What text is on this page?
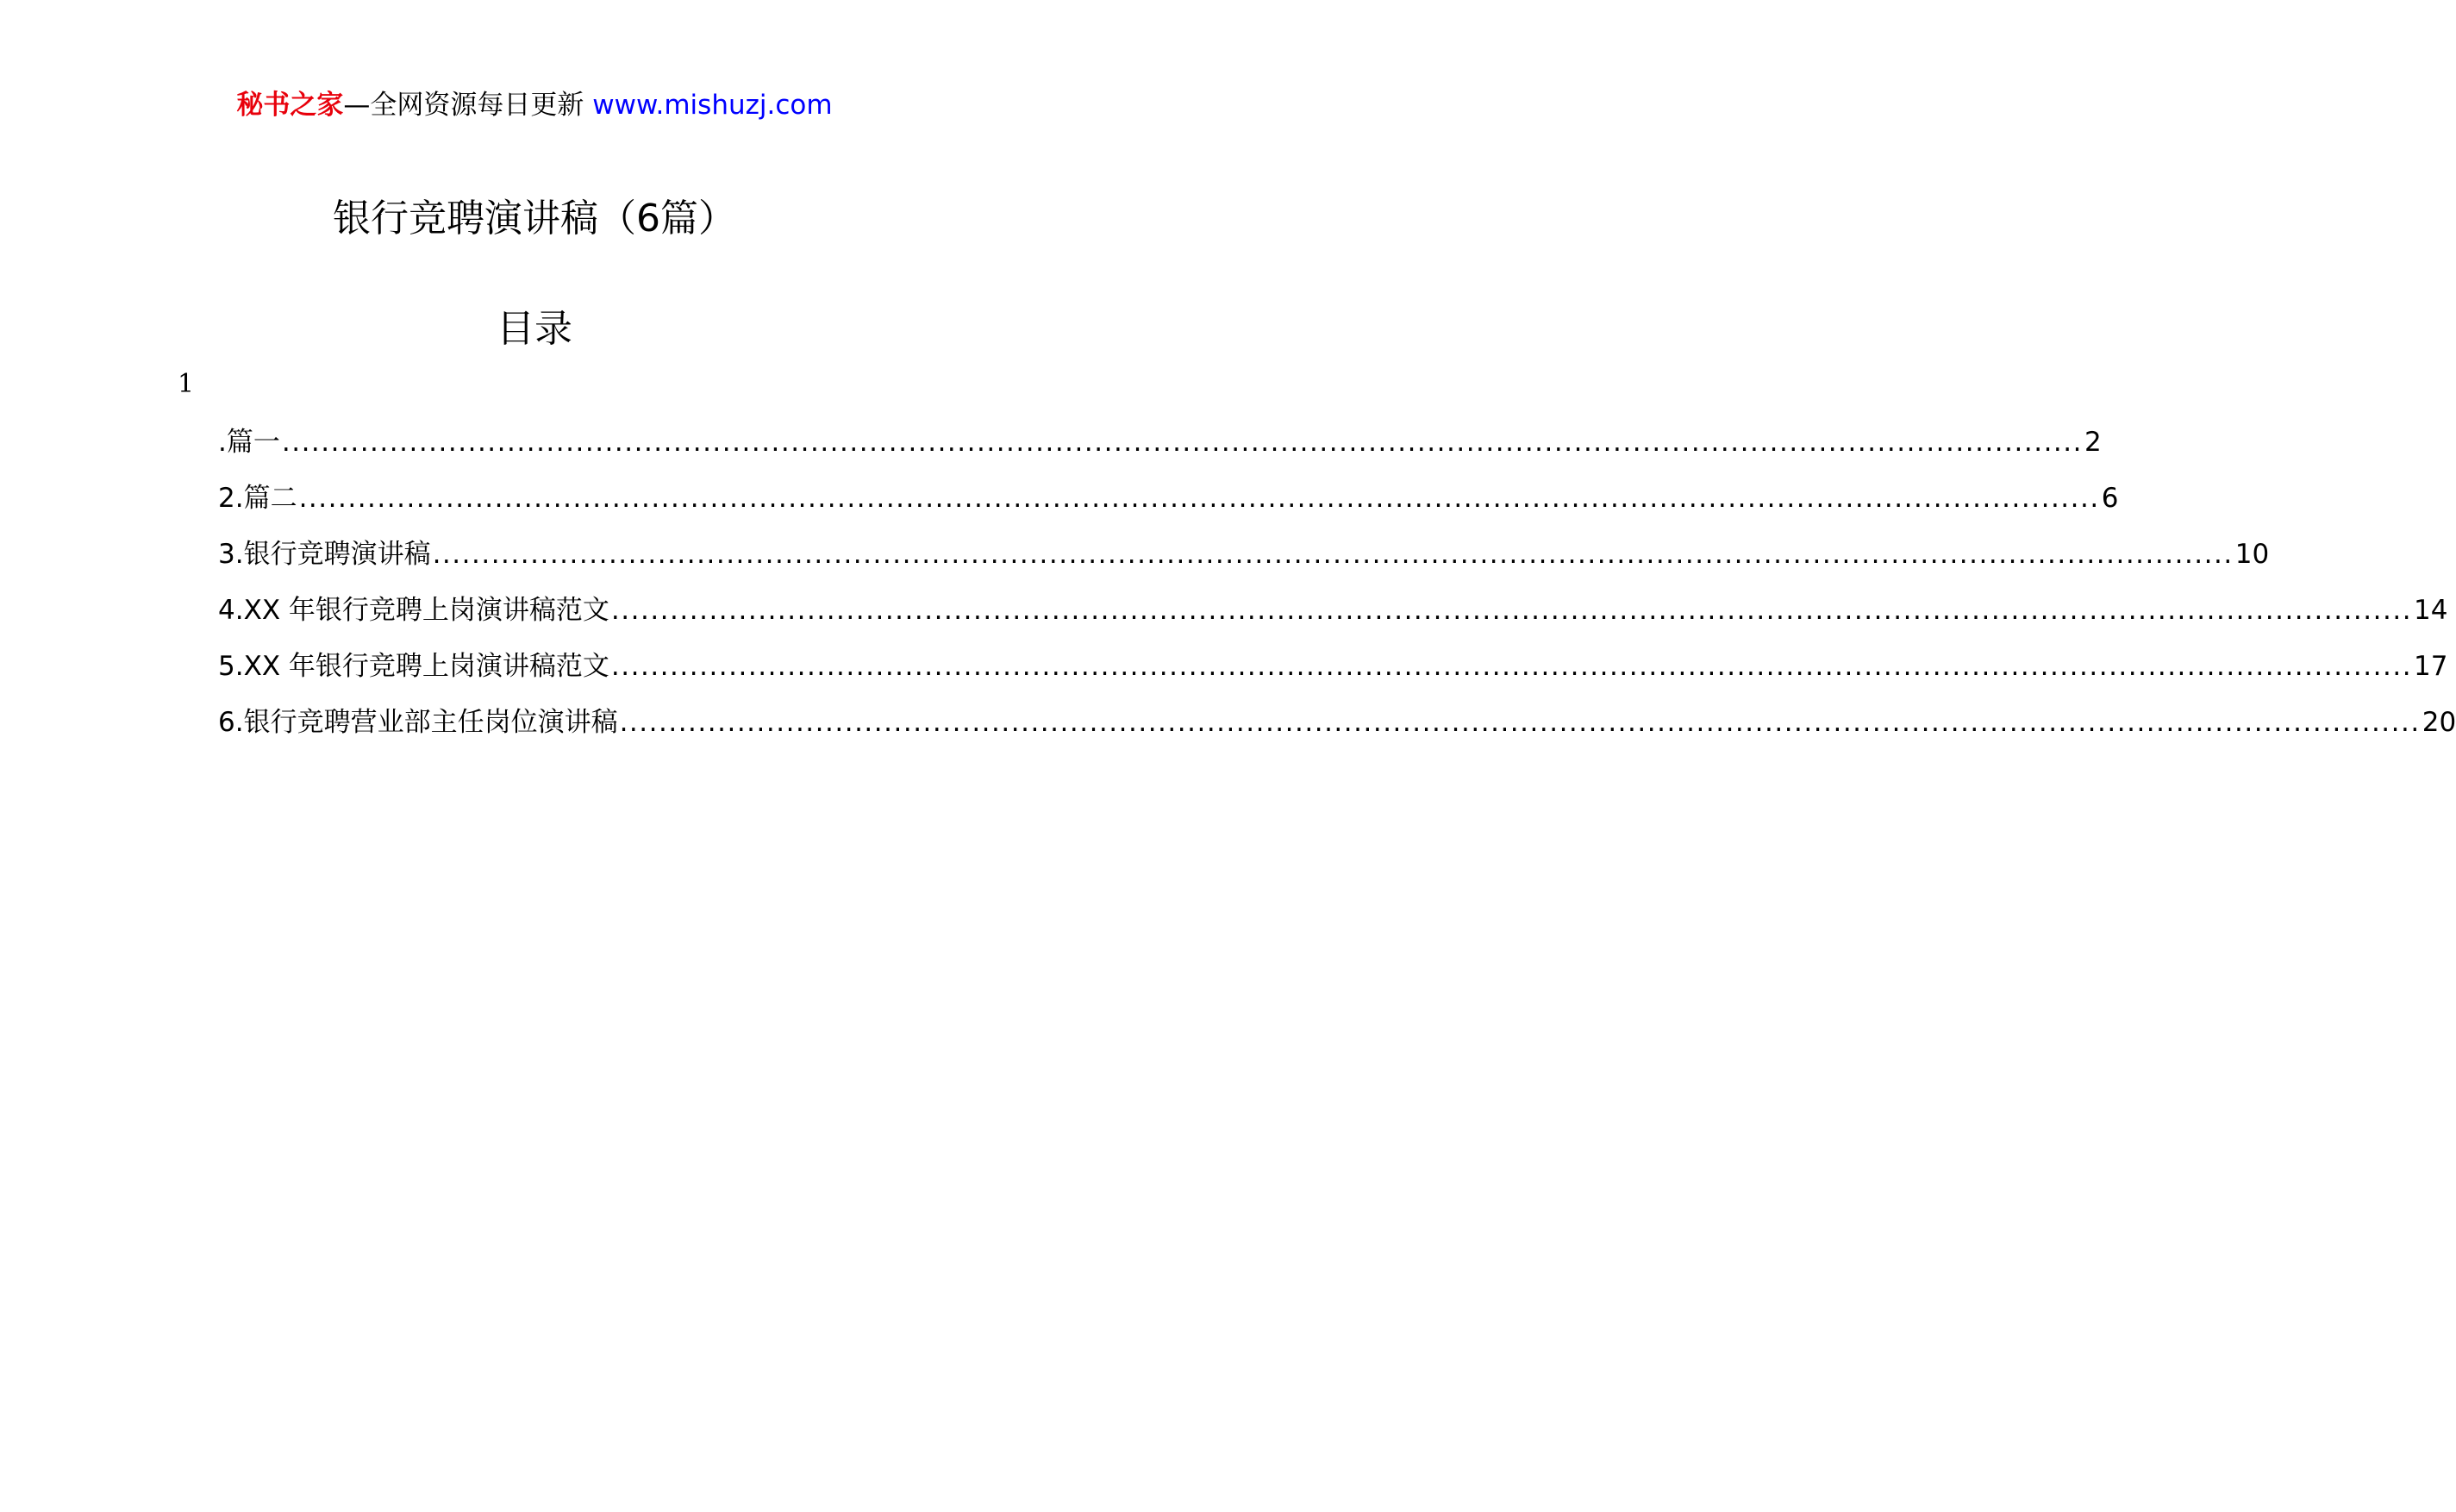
秘书之家—全网资源每日更新 www.mishuzj.com
银行竞聘演讲稿（6篇）
目录
1
.篇一 ........................................................................................................................................................................................ 2
2.篇二 ........................................................................................................................................................................................ 6
3.银行竞聘演讲稿 ........................................................................................................................................................................................ 10
4.XX 年银行竞聘上岗演讲稿范文 ........................................................................................................................................................................................ 14
5.XX 年银行竞聘上岗演讲稿范文 ........................................................................................................................................................................................ 17
6.银行竞聘营业部主任岗位演讲稿 ........................................................................................................................................................................................ 20
